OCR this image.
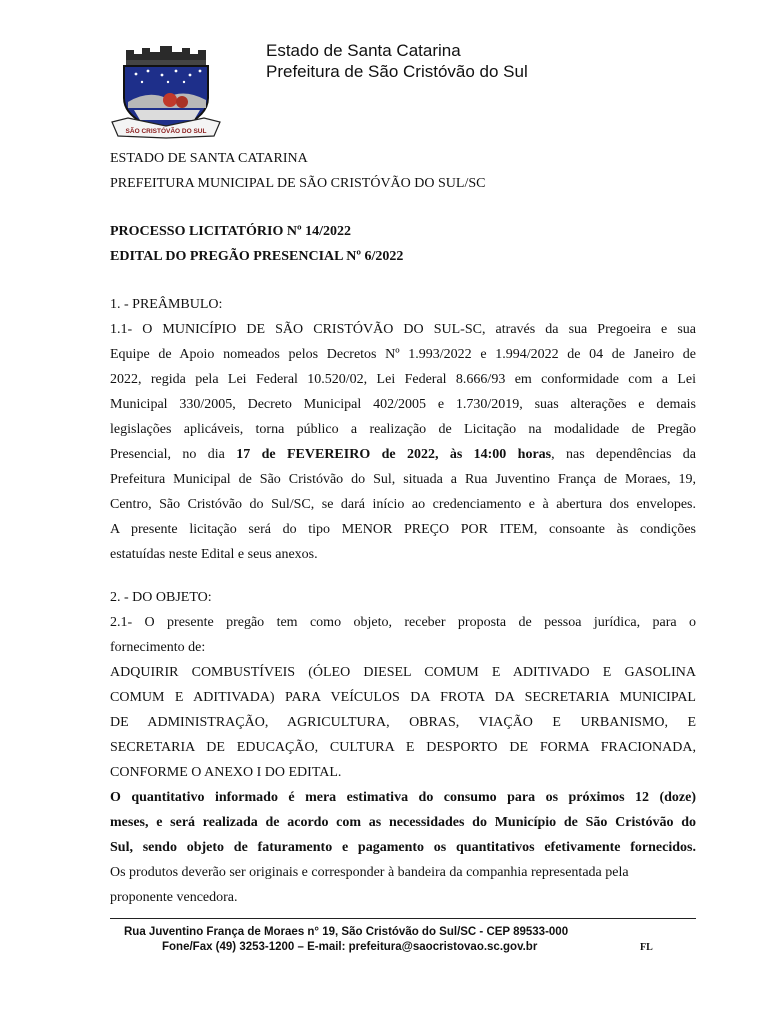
SÃO CRISTÓVÃO DO SUL
Estado de Santa Catarina
Prefeitura de São Cristóvão do Sul
ESTADO DE SANTA CATARINA
PREFEITURA MUNICIPAL DE SÃO CRISTÓVÃO DO SUL/SC
PROCESSO LICITATÓRIO Nº 14/2022
EDITAL DO PREGÃO PRESENCIAL Nº 6/2022
1. - PREÂMBULO:
1.1- O MUNICÍPIO DE SÃO CRISTÓVÃO DO SUL-SC, através da sua Pregoeira e sua
Equipe de Apoio nomeados pelos Decretos Nº 1.993/2022 e 1.994/2022 de 04 de Janeiro de
2022, regida pela Lei Federal 10.520/02, Lei Federal 8.666/93 em conformidade com a Lei
Municipal 330/2005, Decreto Municipal 402/2005 e 1.730/2019, suas alterações e demais
legislações aplicáveis, torna público a realização de Licitação na modalidade de Pregão
Presencial, no dia 17 de FEVEREIRO de 2022, às 14:00 horas, nas dependências da
Prefeitura Municipal de São Cristóvão do Sul, situada a Rua Juventino França de Moraes, 19,
Centro, São Cristóvão do Sul/SC, se dará início ao credenciamento e à abertura dos envelopes.
A presente licitação será do tipo MENOR PREÇO POR ITEM, consoante às condições
estatuídas neste Edital e seus anexos.
2. - DO OBJETO:
2.1- O presente pregão tem como objeto, receber proposta de pessoa jurídica, para o
fornecimento de:
ADQUIRIR COMBUSTÍVEIS (ÓLEO DIESEL COMUM E ADITIVADO E GASOLINA
COMUM E ADITIVADA) PARA VEÍCULOS DA FROTA DA SECRETARIA MUNICIPAL
DE ADMINISTRAÇÃO, AGRICULTURA, OBRAS, VIAÇÃO E URBANISMO, E
SECRETARIA DE EDUCAÇÃO, CULTURA E DESPORTO DE FORMA FRACIONADA,
CONFORME O ANEXO I DO EDITAL.
O quantitativo informado é mera estimativa do consumo para os próximos 12 (doze)
meses, e será realizada de acordo com as necessidades do Município de São Cristóvão do
Sul, sendo objeto de faturamento e pagamento os quantitativos efetivamente fornecidos.
Os produtos deverão ser originais e corresponder à bandeira da companhia representada pela
proponente vencedora.
Rua Juventino França de Moraes n° 19, São Cristóvão do Sul/SC - CEP 89533-000
Fone/Fax (49) 3253-1200 – E-mail: prefeitura@saocristovao.sc.gov.br	FL
